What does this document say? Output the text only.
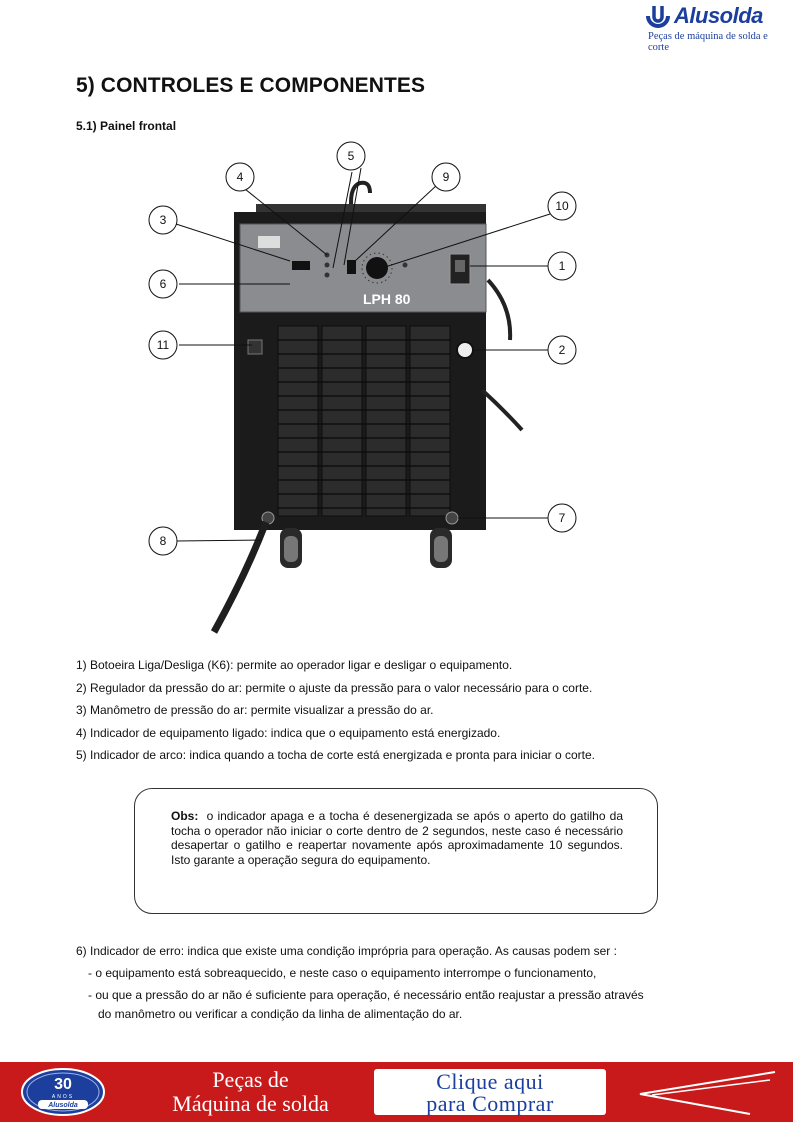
Alusolda
Peças de máquina de solda e corte
5) CONTROLES E COMPONENTES
5.1) Painel frontal
LPH 80
1
2
3
4
5
6
7
8
9
10
11

1) Botoeira Liga/Desliga (K6): permite ao operador ligar e desligar o equipamento.

2) Regulador da pressão do ar: permite o ajuste da pressão para o valor necessário para o corte.

3) Manômetro de pressão do ar: permite visualizar a pressão do ar.

4) Indicador de equipamento ligado: indica que o equipamento está energizado.

5) Indicador de arco: indica quando a tocha de corte está energizada e pronta para iniciar o corte.

Obs: o indicador apaga e a tocha é desenergizada se após o aperto do gatilho da tocha o operador não iniciar o corte dentro de 2 segundos, neste caso é necessário desapertar o gatilho e reapertar novamente após aproximadamente 10 segundos. Isto garante a operação segura do equipamento.

6) Indicador de erro: indica que existe uma condição imprópria para operação. As causas podem ser :

- o equipamento está sobreaquecido, e neste caso o equipamento interrompe o funcionamento,

- ou que a pressão do ar não é suficiente para operação, é necessário então reajustar a pressão através

do manômetro ou verificar a condição da linha de alimentação do ar.

30
ANOS
Alusolda
Peças de
Máquina de solda
Clique aqui
para Comprar
